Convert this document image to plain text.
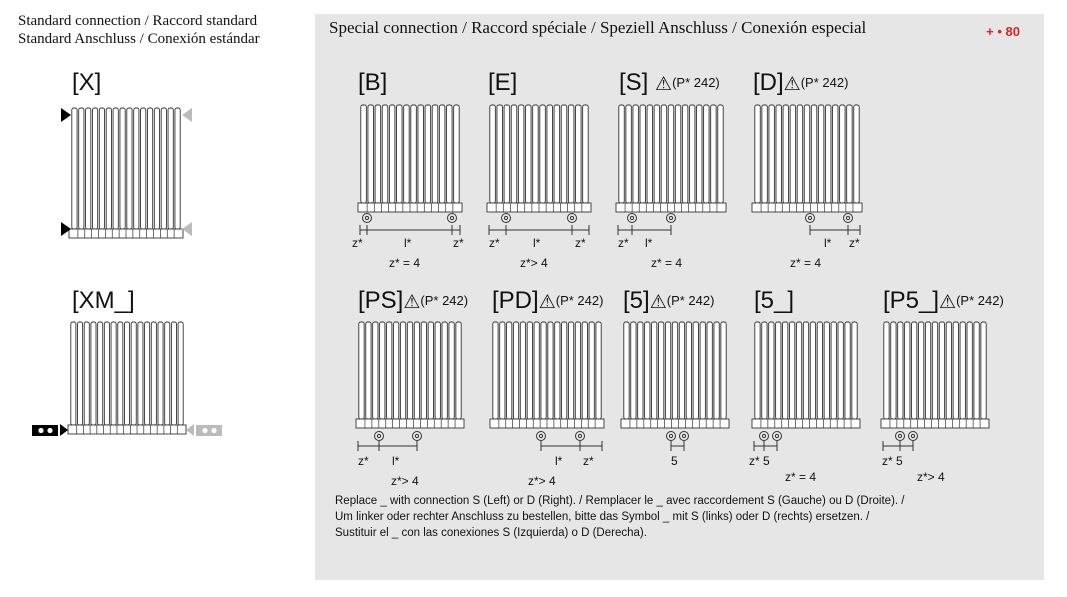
Standard connection / Raccord standard
Standard Anschluss / Conexión estándar
[X]
[XM_]
Special connection / Raccord spéciale / Speziell Anschluss / Conexión especial	+ • 80
[B]	[E]	[S] ⚠(P* 242) [D]⚠(P* 242)
z*	l*	z*
z* = 4
z*	l*	z*
z*> 4
z* l*
z* = 4
l* z*
z* = 4
[PS]⚠(P* 242) [PD]⚠(P* 242) [5]⚠(P* 242) [5_]	[P5_]⚠(P* 242)
z* l*
z*> 4
l* z*
z*> 4
5	z* 5
z* = 4
z* 5
z*> 4
Replace _ with connection S (Left) or D (Right). / Remplacer le _ avec raccordement S (Gauche) ou D (Droite). /
Um linker oder rechter Anschluss zu bestellen, bitte das Symbol _ mit S (links) oder D (rechts) ersetzen. /
Sustituir el _ con las conexiones S (Izquierda) o D (Derecha).
